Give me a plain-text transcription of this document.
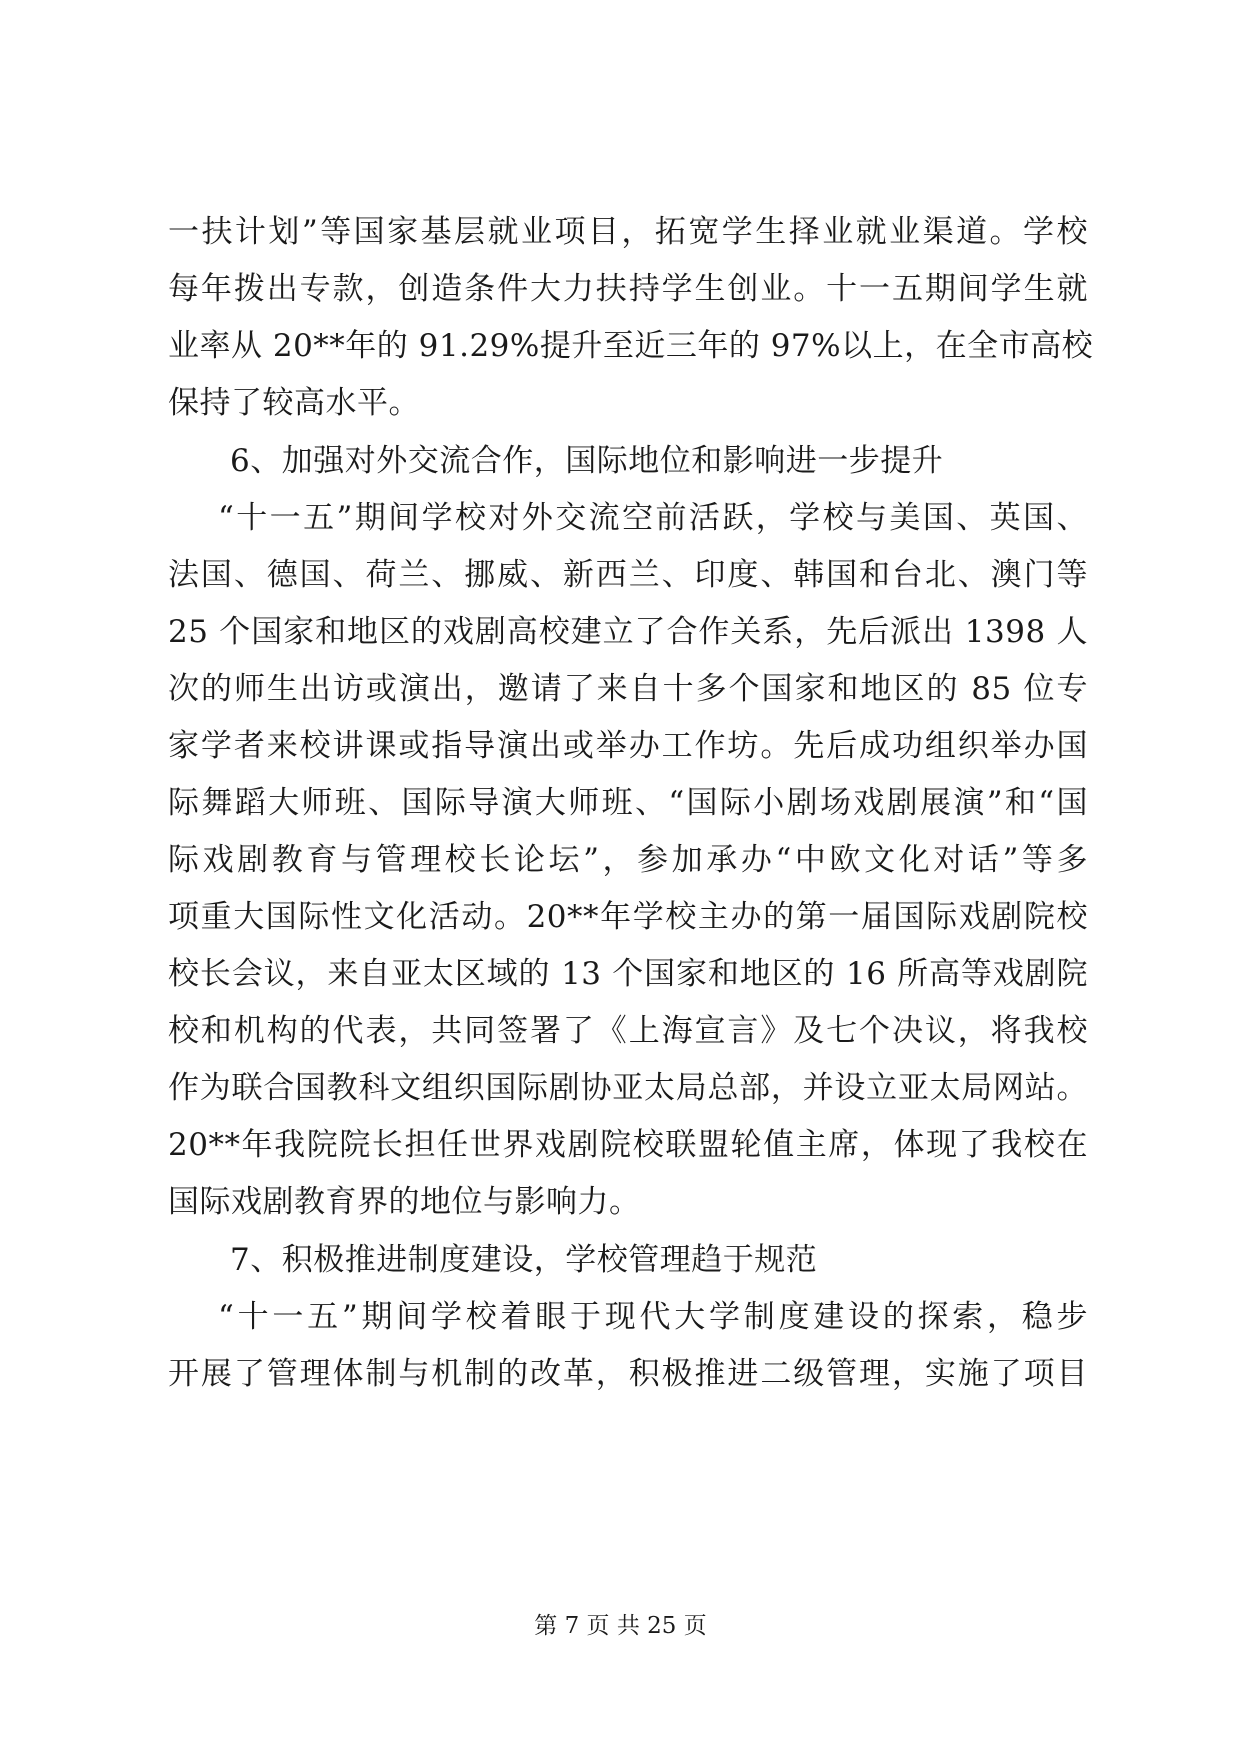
一扶计划”等国家基层就业项目，拓宽学生择业就业渠道。学校
每年拨出专款，创造条件大力扶持学生创业。十一五期间学生就
业率从 20**年的 91.29%提升至近三年的 97%以上，在全市高校
保持了较高水平。
6、加强对外交流合作，国际地位和影响进一步提升
“十一五”期间学校对外交流空前活跃，学校与美国、英国、
法国、德国、荷兰、挪威、新西兰、印度、韩国和台北、澳门等
25 个国家和地区的戏剧高校建立了合作关系，先后派出 1398 人
次的师生出访或演出，邀请了来自十多个国家和地区的 85 位专
家学者来校讲课或指导演出或举办工作坊。先后成功组织举办国
际舞蹈大师班、国际导演大师班、“国际小剧场戏剧展演”和“国
际戏剧教育与管理校长论坛”，参加承办“中欧文化对话”等多
项重大国际性文化活动。20**年学校主办的第一届国际戏剧院校
校长会议，来自亚太区域的 13 个国家和地区的 16 所高等戏剧院
校和机构的代表，共同签署了《上海宣言》及七个决议，将我校
作为联合国教科文组织国际剧协亚太局总部，并设立亚太局网站。
20**年我院院长担任世界戏剧院校联盟轮值主席，体现了我校在
国际戏剧教育界的地位与影响力。
7、积极推进制度建设，学校管理趋于规范
“十一五”期间学校着眼于现代大学制度建设的探索，稳步
开展了管理体制与机制的改革，积极推进二级管理，实施了项目
第 7 页 共 25 页
